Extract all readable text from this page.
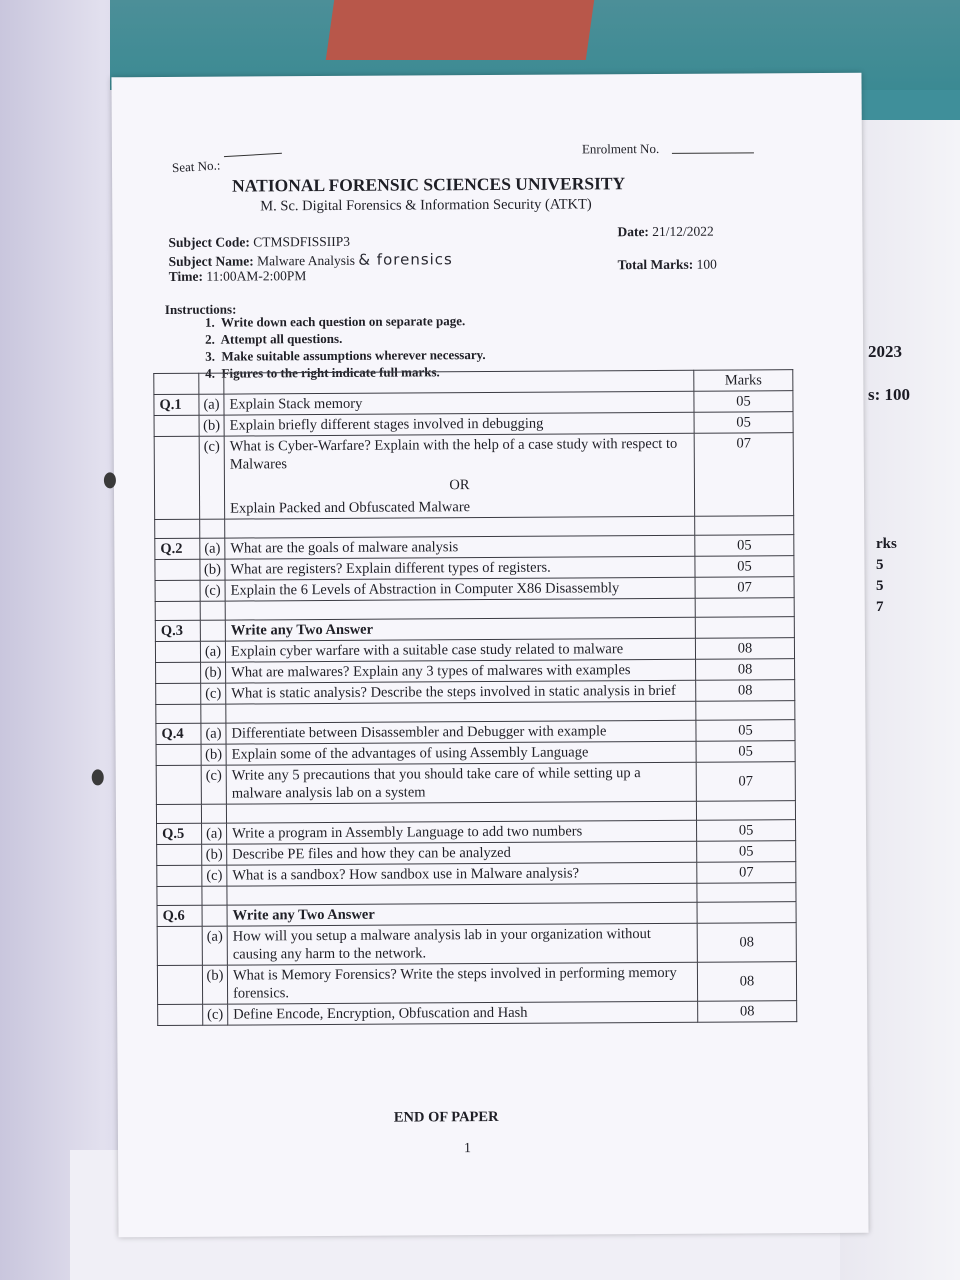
2023
s: 100
rks
5
5
7
Seat No.:
Enrolment No.
NATIONAL FORENSIC SCIENCES UNIVERSITY
M. Sc. Digital Forensics & Information Security (ATKT)
Subject Code: CTMSDFISSIIP3
Subject Name: Malware Analysis & forensics
Time: 11:00AM-2:00PM
Date: 21/12/2022
Total Marks: 100
Instructions:
1.  Write down each question on separate page.
2.  Attempt all questions.
3.  Make suitable assumptions wherever necessary.
4.  Figures to the right indicate full marks.
				Marks
Q.1	(a)	Explain Stack memory	05
	(b)	Explain briefly different stages involved in debugging	05
	(c)	What is Cyber-Warfare? Explain with the help of a case study with respect to Malwares
OR
Explain Packed and Obfuscated Malware	07

Q.2	(a)	What are the goals of malware analysis	05
	(b)	What are registers? Explain different types of registers.	05
	(c)	Explain the 6 Levels of Abstraction in Computer X86 Disassembly	07

Q.3		Write any Two Answer	
	(a)	Explain cyber warfare with a suitable case study related to malware	08
	(b)	What are malwares? Explain any 3 types of malwares with examples	08
	(c)	What is static analysis? Describe the steps involved in static analysis in brief	08

Q.4	(a)	Differentiate between Disassembler and Debugger with example	05
	(b)	Explain some of the advantages of using Assembly Language	05
	(c)	Write any 5 precautions that you should take care of while setting up a malware analysis lab on a system	07

Q.5	(a)	Write a program in Assembly Language to add two numbers	05
	(b)	Describe PE files and how they can be analyzed	05
	(c)	What is a sandbox? How sandbox use in Malware analysis?	07

Q.6		Write any Two Answer	
	(a)	How will you setup a malware analysis lab in your organization without causing any harm to the network.	08
	(b)	What is Memory Forensics? Write the steps involved in performing memory forensics.	08
	(c)	Define Encode, Encryption, Obfuscation and Hash	08
END OF PAPER
1
